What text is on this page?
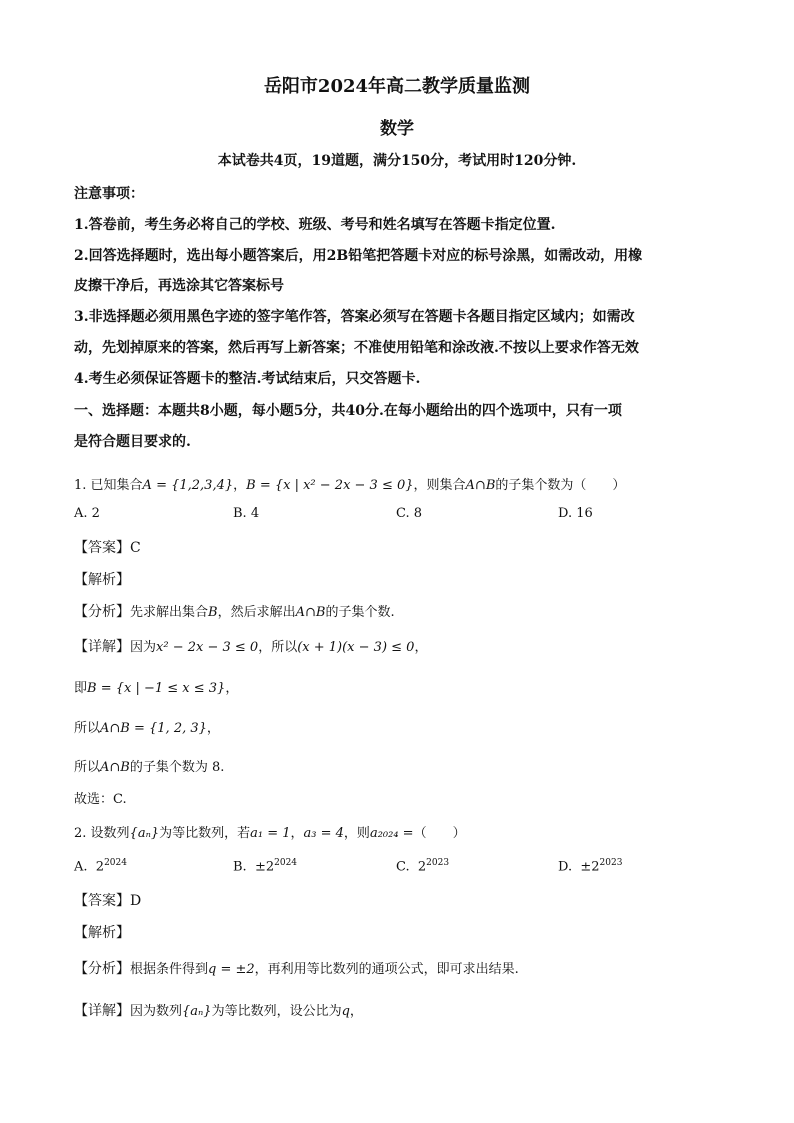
岳阳市2024年高二教学质量监测
数学
本试卷共4页，19道题，满分150分，考试用时120分钟.
注意事项：
1.答卷前，考生务必将自己的学校、班级、考号和姓名填写在答题卡指定位置.
2.回答选择题时，选出每小题答案后，用2B铅笔把答题卡对应的标号涂黑，如需改动，用橡
皮擦干净后，再选涂其它答案标号
3.非选择题必须用黑色字迹的签字笔作答，答案必须写在答题卡各题目指定区域内；如需改
动，先划掉原来的答案，然后再写上新答案；不准使用铅笔和涂改液.不按以上要求作答无效
4.考生必须保证答题卡的整洁.考试结束后，只交答题卡.
一、选择题：本题共8小题，每小题5分，共40分.在每小题给出的四个选项中，只有一项
是符合题目要求的.
1. 已知集合A = {1,2,3,4}，B = {x | x² − 2x − 3 ≤ 0}，则集合A∩B的子集个数为（　　）
A. 2	B. 4	C. 8	D. 16
【答案】C
【解析】
【分析】先求解出集合B，然后求解出A∩B的子集个数.
【详解】因为x² − 2x − 3 ≤ 0，所以(x + 1)(x − 3) ≤ 0，
即B = {x | −1 ≤ x ≤ 3}，
所以A∩B = {1, 2, 3}，
所以A∩B的子集个数为 8.
故选：C.
2. 设数列{aₙ}为等比数列，若a₁ = 1，a₃ = 4，则a₂₀₂₄ =（　　）
A. $2^{2024}$	B. $\pm 2^{2024}$	C. $2^{2023}$	D. $\pm 2^{2023}$
【答案】D
【解析】
【分析】根据条件得到q = ±2，再利用等比数列的通项公式，即可求出结果.
【详解】因为数列{aₙ}为等比数列，设公比为q，
